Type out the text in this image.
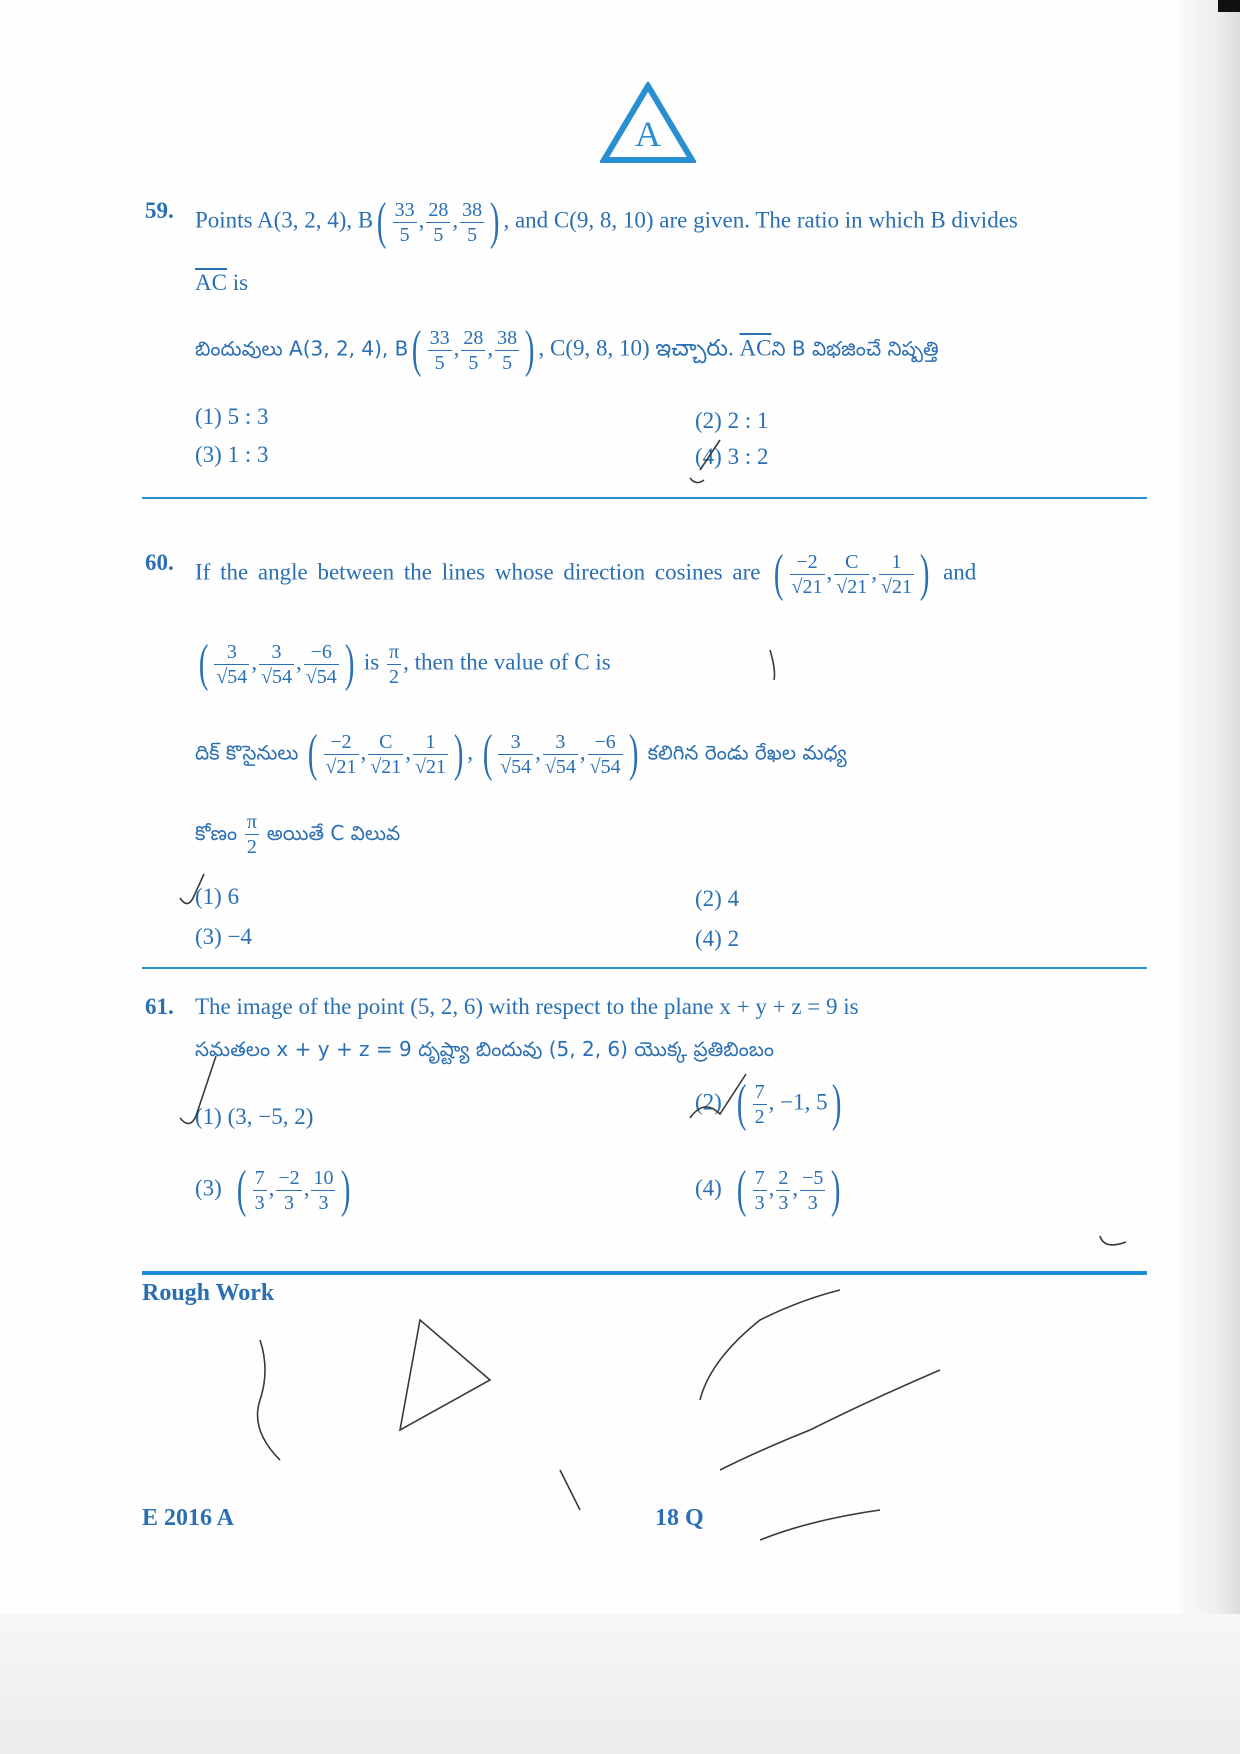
A
59. Points A(3, 2, 4), $B( \frac{33}{5}$ , $\frac{28}{5}$ , $\frac{38}{5}$ ) , and C(9, 8, 10) are given. The ratio in which B divides
$\overline{AC}$ is
బిందువులు A(3, 2, 4), $B( \frac{33}{5}$ , $\frac{28}{5}$ , $\frac{38}{5}$ ) , C(9, 8, 10) ఇచ్చారు. $\overline{AC}ని$ B విభజించే నిష్పత్తి
(1) 5 : 3	(2) 2 : 1
(3) 1 : 3	(4) 3 : 2
60. If the angle between the lines whose direction cosines are ( $\frac{-2}{√21}$ , $\frac{C}{√21}$ , $\frac{1}{√21}$ ) and
( $\frac{3}{√54}$ , $\frac{3}{√54}$ , $\frac{-6}{√54}$ ) is $\frac{\pi}{2}$ , then the value of C is
దిక్ కొసైనులు ( $\frac{-2}{√21}$ , $\frac{C}{√21}$ , $\frac{1}{√21}$ ) , ( $\frac{3}{√54}$ , $\frac{3}{√54}$ , $\frac{-6}{√54}$ ) కలిగిన రెండు రేఖల మధ్య
కోణం $\frac{\pi}{2}$ అయితే C విలువ
(1) 6	(2) 4
(3) −4	(4) 2
61. The image of the point (5, 2, 6) with respect to the plane x + y + z = 9 is
సమతలం x + y + z = 9 దృష్ట్యా బిందువు (5, 2, 6) యొక్క ప్రతిబింబం
(1) (3, −5, 2)
(2) ( $\frac{7}{2}$ , −1, 5)
(3) ( $\frac{7}{3}$ , $\frac{-2}{3}$ , $\frac{10}{3}$ )	(4) ( $\frac{7}{3}$ , $\frac{2}{3}$ , $\frac{-5}{3}$ )
Rough Work
E 2016 A	18 Q
